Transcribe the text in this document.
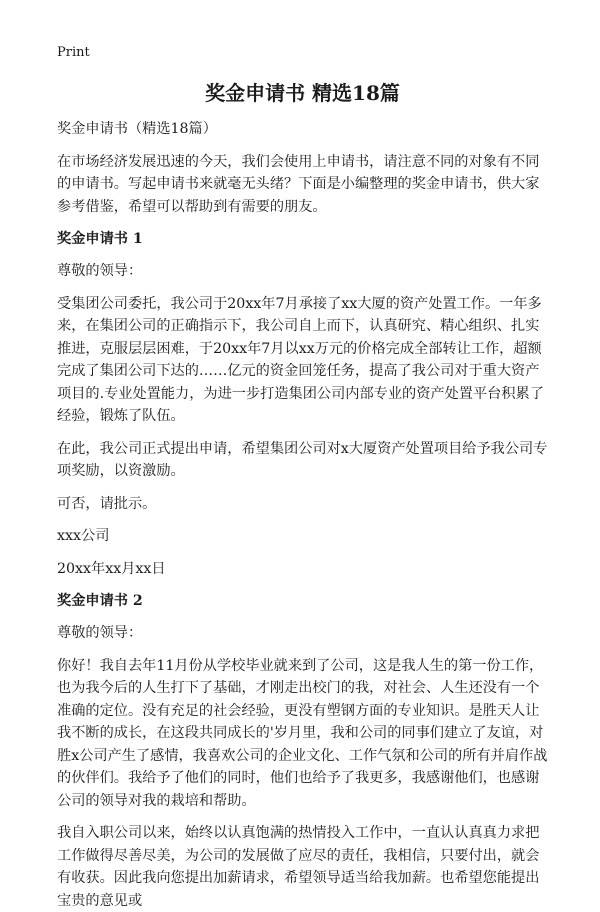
Print
奖金申请书 精选18篇

奖金申请书（精选18篇）

在市场经济发展迅速的今天，我们会使用上申请书，请注意不同的对象有不同的申请书。写起申请书来就毫无头绪？下面是小编整理的奖金申请书，供大家参考借鉴，希望可以帮助到有需要的朋友。

奖金申请书 1

尊敬的领导：

受集团公司委托，我公司于20xx年7月承接了xx大厦的资产处置工作。一年多来，在集团公司的正确指示下，我公司自上而下，认真研究、精心组织、扎实推进，克服层层困难，于20xx年7月以xx万元的价格完成全部转让工作，超额完成了集团公司下达的……亿元的资金回笼任务，提高了我公司对于重大资产项目的.专业处置能力，为进一步打造集团公司内部专业的资产处置平台积累了经验，锻炼了队伍。

在此，我公司正式提出申请，希望集团公司对x大厦资产处置项目给予我公司专项奖励，以资激励。

可否，请批示。

xxx公司

20xx年xx月xx日

奖金申请书 2

尊敬的领导：

你好！我自去年11月份从学校毕业就来到了公司，这是我人生的第一份工作，也为我今后的人生打下了基础，才刚走出校门的我，对社会、人生还没有一个准确的定位。没有充足的社会经验，更没有塑钢方面的专业知识。是胜天人让我不断的成长，在这段共同成长的'岁月里，我和公司的同事们建立了友谊，对胜x公司产生了感情，我喜欢公司的企业文化、工作气氛和公司的所有并肩作战的伙伴们。我给予了他们的同时，他们也给予了我更多，我感谢他们，也感谢公司的领导对我的栽培和帮助。

我自入职公司以来，始终以认真饱满的热情投入工作中，一直认认真真力求把工作做得尽善尽美，为公司的发展做了应尽的责任，我相信，只要付出，就会有收获。因此我向您提出加薪请求，希望领导适当给我加薪。也希望您能提出宝贵的意见或
